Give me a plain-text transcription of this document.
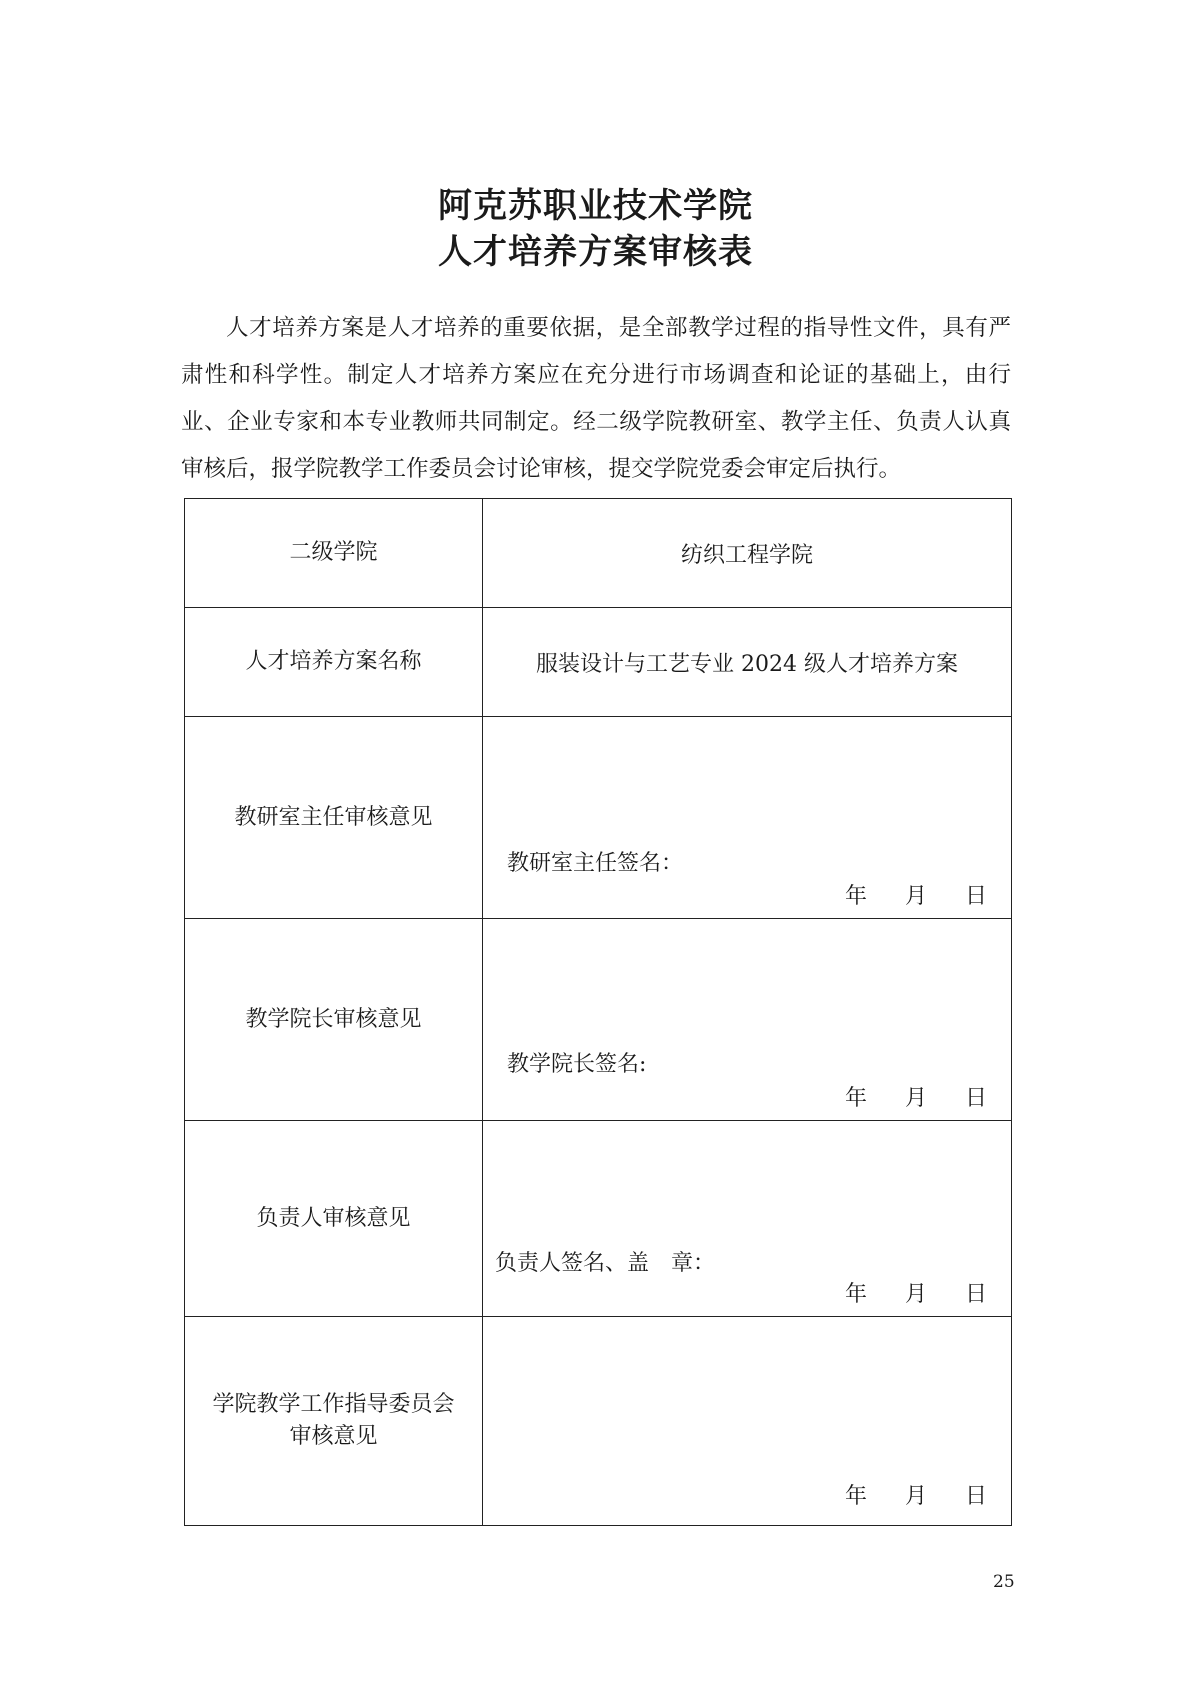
阿克苏职业技术学院
人才培养方案审核表

人才培养方案是人才培养的重要依据，是全部教学过程的指导性文件，具有严肃性和科学性。制定人才培养方案应在充分进行市场调查和论证的基础上，由行业、企业专家和本专业教师共同制定。经二级学院教研室、教学主任、负责人认真审核后，报学院教学工作委员会讨论审核，提交学院党委会审定后执行。

二级学院	纺织工程学院
人才培养方案名称	服装设计与工艺专业 2024 级人才培养方案
教研室主任审核意见	教研室主任签名：
年 月 日

教学院长审核意见	教学院长签名:
年 月 日

负责人审核意见	负责人签名、盖　章：
年 月 日

学院教学工作指导委员会
审核意见	年 月 日
25
